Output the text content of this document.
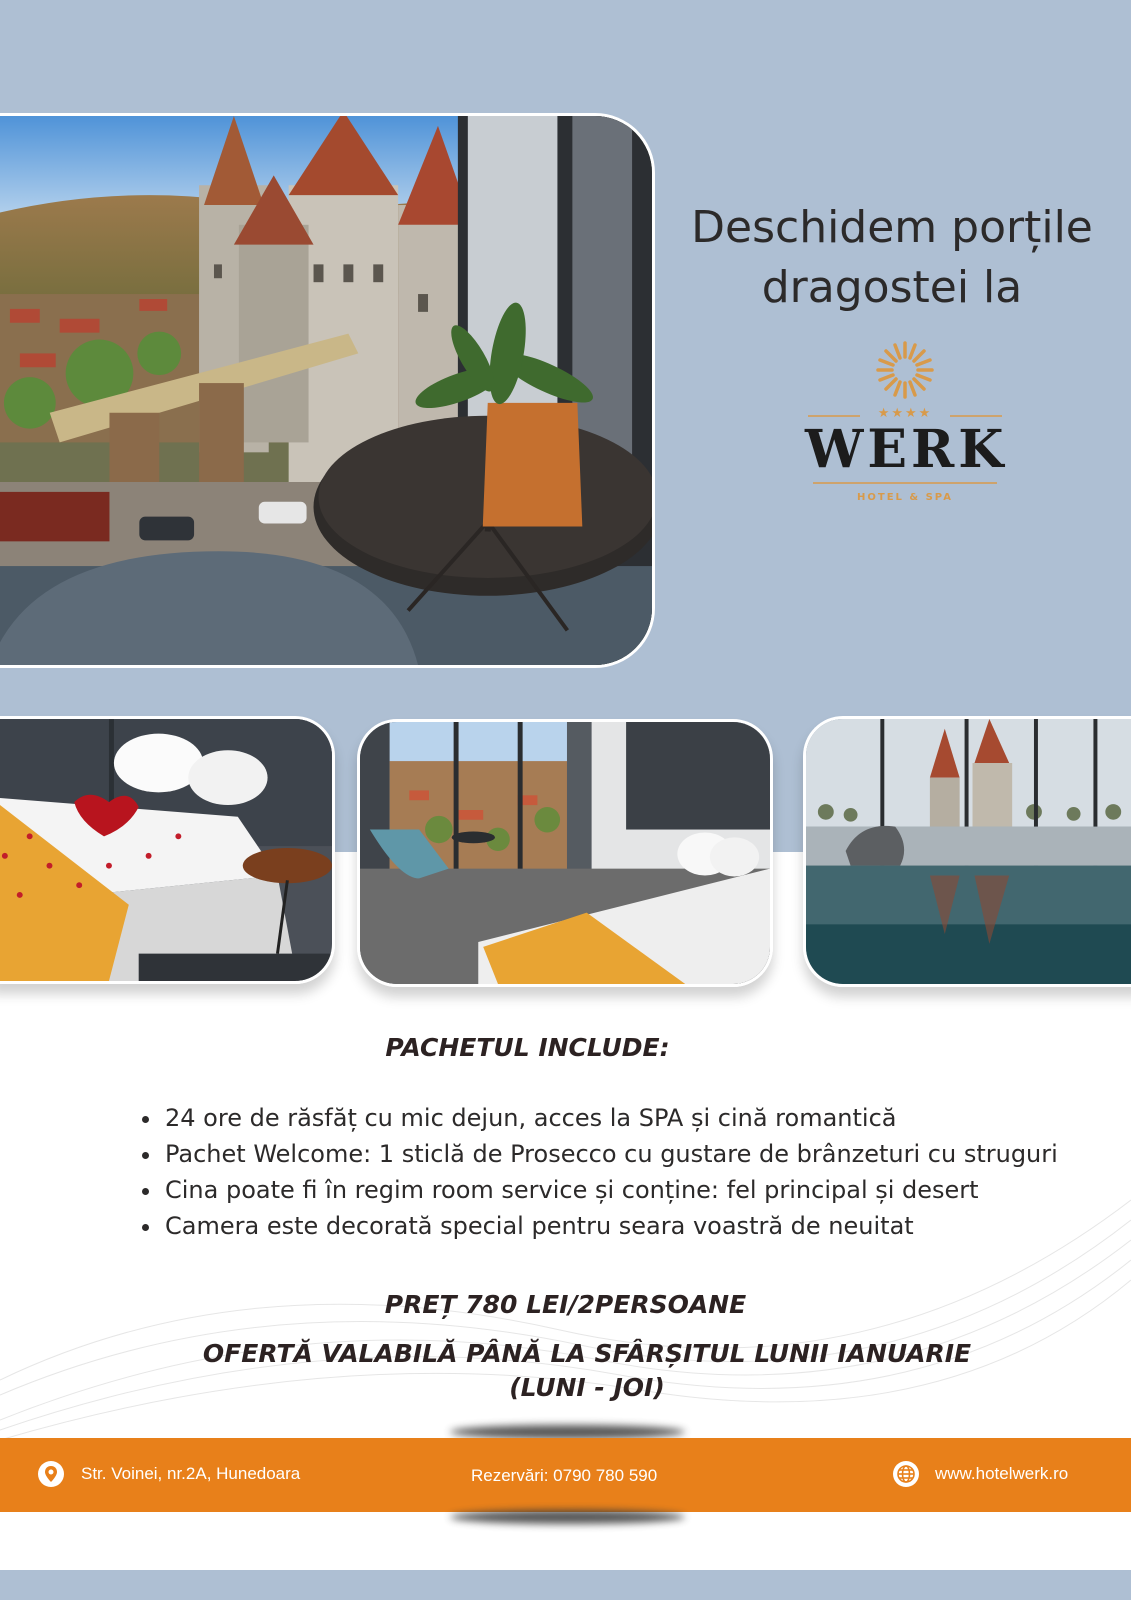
Deschidem porțile
dragostei la
★★★★
WERK
HOTEL & SPA
PACHETUL INCLUDE:
• 24 ore de răsfăț cu mic dejun, acces la SPA și cină romantică
• Pachet Welcome: 1 sticlă de Prosecco cu gustare de brânzeturi cu struguri
• Cina poate fi în regim room service și conține: fel principal și desert
• Camera este decorată special pentru seara voastră de neuitat

PREȚ 780 LEI/2PERSOANE

OFERTĂ VALABILĂ PÂNĂ LA SFÂRȘITUL LUNII IANUARIE
(LUNI - JOI)

Str. Voinei, nr.2A, Hunedoara	Rezervări: 0790 780 590	www.hotelwerk.ro
